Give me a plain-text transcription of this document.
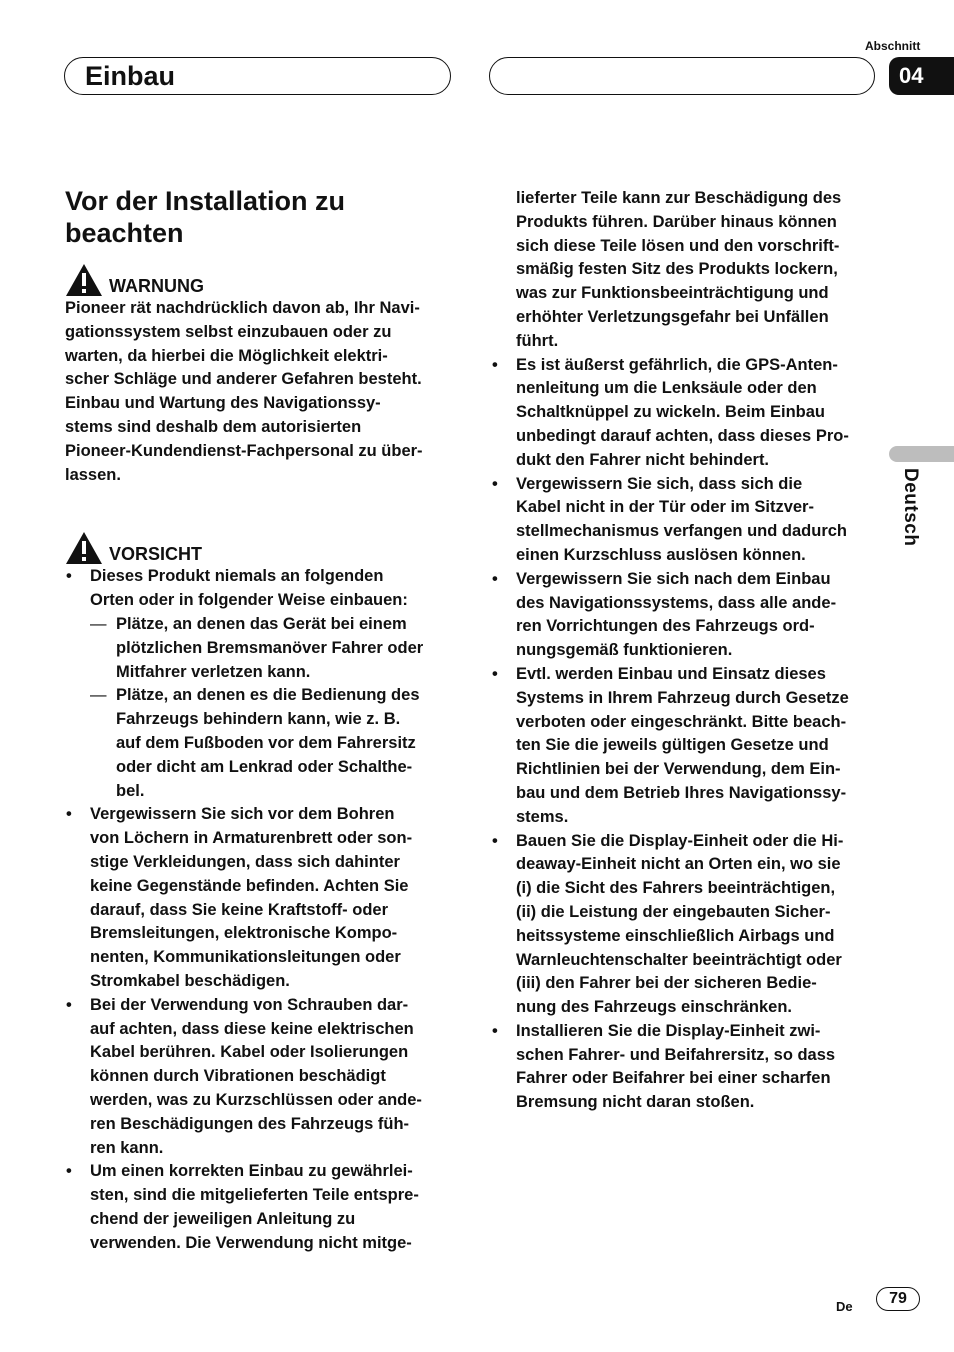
Abschnitt
Einbau	04
Deutsch
Vor der Installation zu
beachten
WARNUNG

Pioneer rät nachdrücklich davon ab, Ihr Navi-
gationssystem selbst einzubauen oder zu
warten, da hierbei die Möglichkeit elektri-
scher Schläge und anderer Gefahren besteht.
Einbau und Wartung des Navigationssy-
stems sind deshalb dem autorisierten
Pioneer-Kundendienst-Fachpersonal zu über-
lassen.

VORSICHT
• Dieses Produkt niemals an folgenden
Orten oder in folgender Weise einbauen:
— Plätze, an denen das Gerät bei einem
plötzlichen Bremsmanöver Fahrer oder
Mitfahrer verletzen kann.
— Plätze, an denen es die Bedienung des
Fahrzeugs behindern kann, wie z. B.
auf dem Fußboden vor dem Fahrersitz
oder dicht am Lenkrad oder Schalthe-
bel.
• Vergewissern Sie sich vor dem Bohren
von Löchern in Armaturenbrett oder son-
stige Verkleidungen, dass sich dahinter
keine Gegenstände befinden. Achten Sie
darauf, dass Sie keine Kraftstoff- oder
Bremsleitungen, elektronische Kompo-
nenten, Kommunikationsleitungen oder
Stromkabel beschädigen.
• Bei der Verwendung von Schrauben dar-
auf achten, dass diese keine elektrischen
Kabel berühren. Kabel oder Isolierungen
können durch Vibrationen beschädigt
werden, was zu Kurzschlüssen oder ande-
ren Beschädigungen des Fahrzeugs füh-
ren kann.
• Um einen korrekten Einbau zu gewährlei-
sten, sind die mitgelieferten Teile entspre-
chend der jeweiligen Anleitung zu
verwenden. Die Verwendung nicht mitge-

lieferter Teile kann zur Beschädigung des
Produkts führen. Darüber hinaus können
sich diese Teile lösen und den vorschrift-
smäßig festen Sitz des Produkts lockern,
was zur Funktionsbeeinträchtigung und
erhöhter Verletzungsgefahr bei Unfällen
führt.

• Es ist äußerst gefährlich, die GPS-Anten-
nenleitung um die Lenksäule oder den
Schaltknüppel zu wickeln. Beim Einbau
unbedingt darauf achten, dass dieses Pro-
dukt den Fahrer nicht behindert.
• Vergewissern Sie sich, dass sich die
Kabel nicht in der Tür oder im Sitzver-
stellmechanismus verfangen und dadurch
einen Kurzschluss auslösen können.
• Vergewissern Sie sich nach dem Einbau
des Navigationssystems, dass alle ande-
ren Vorrichtungen des Fahrzeugs ord-
nungsgemäß funktionieren.
• Evtl. werden Einbau und Einsatz dieses
Systems in Ihrem Fahrzeug durch Gesetze
verboten oder eingeschränkt. Bitte beach-
ten Sie die jeweils gültigen Gesetze und
Richtlinien bei der Verwendung, dem Ein-
bau und dem Betrieb Ihres Navigationssy-
stems.
• Bauen Sie die Display-Einheit oder die Hi-
deaway-Einheit nicht an Orten ein, wo sie
(i) die Sicht des Fahrers beeinträchtigen,
(ii) die Leistung der eingebauten Sicher-
heitssysteme einschließlich Airbags und
Warnleuchtenschalter beeinträchtigt oder
(iii) den Fahrer bei der sicheren Bedie-
nung des Fahrzeugs einschränken.
• Installieren Sie die Display-Einheit zwi-
schen Fahrer- und Beifahrersitz, so dass
Fahrer oder Beifahrer bei einer scharfen
Bremsung nicht daran stoßen.
De	79
